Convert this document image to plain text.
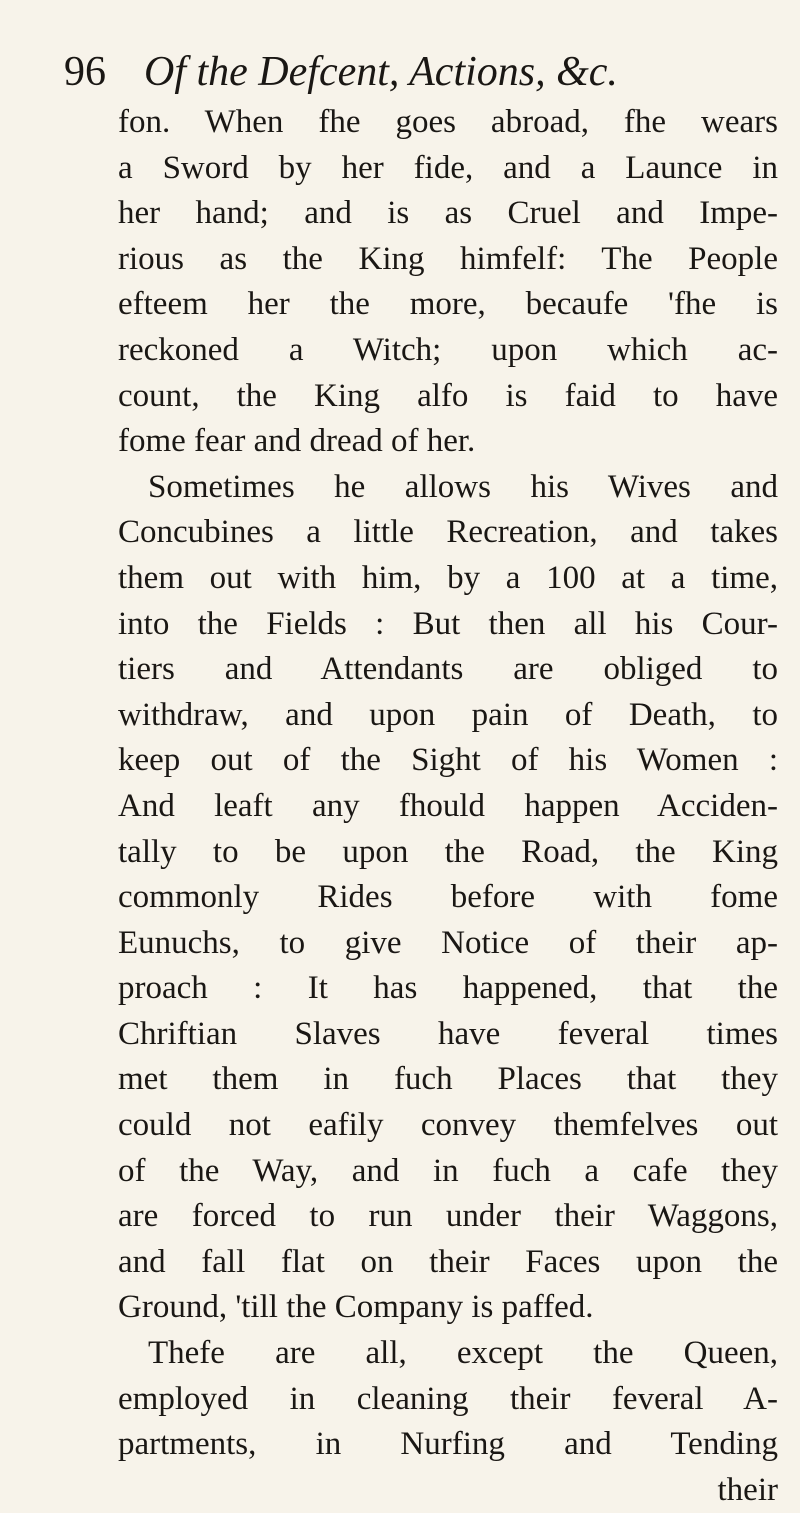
96 Of the Defcent, Actions, &c.
fon. When fhe goes abroad, fhe wears
a Sword by her fide, and a Launce in
her hand; and is as Cruel and Impe-
rious as the King himfelf: The People
efteem her the more, becaufe 'fhe is
reckoned a Witch; upon which ac-
count, the King alfo is faid to have
fome fear and dread of her.
Sometimes he allows his Wives and
Concubines a little Recreation, and takes
them out with him, by a 100 at a time,
into the Fields : But then all his Cour-
tiers and Attendants are obliged to
withdraw, and upon pain of Death, to
keep out of the Sight of his Women :
And leaft any fhould happen Acciden-
tally to be upon the Road, the King
commonly Rides before with fome
Eunuchs, to give Notice of their ap-
proach : It has happened, that the
Chriftian Slaves have feveral times
met them in fuch Places that they
could not eafily convey themfelves out
of the Way, and in fuch a cafe they
are forced to run under their Waggons,
and fall flat on their Faces upon the
Ground, 'till the Company is paffed.
Thefe are all, except the Queen,
employed in cleaning their feveral A-
partments, in Nurfing and Tending
their
